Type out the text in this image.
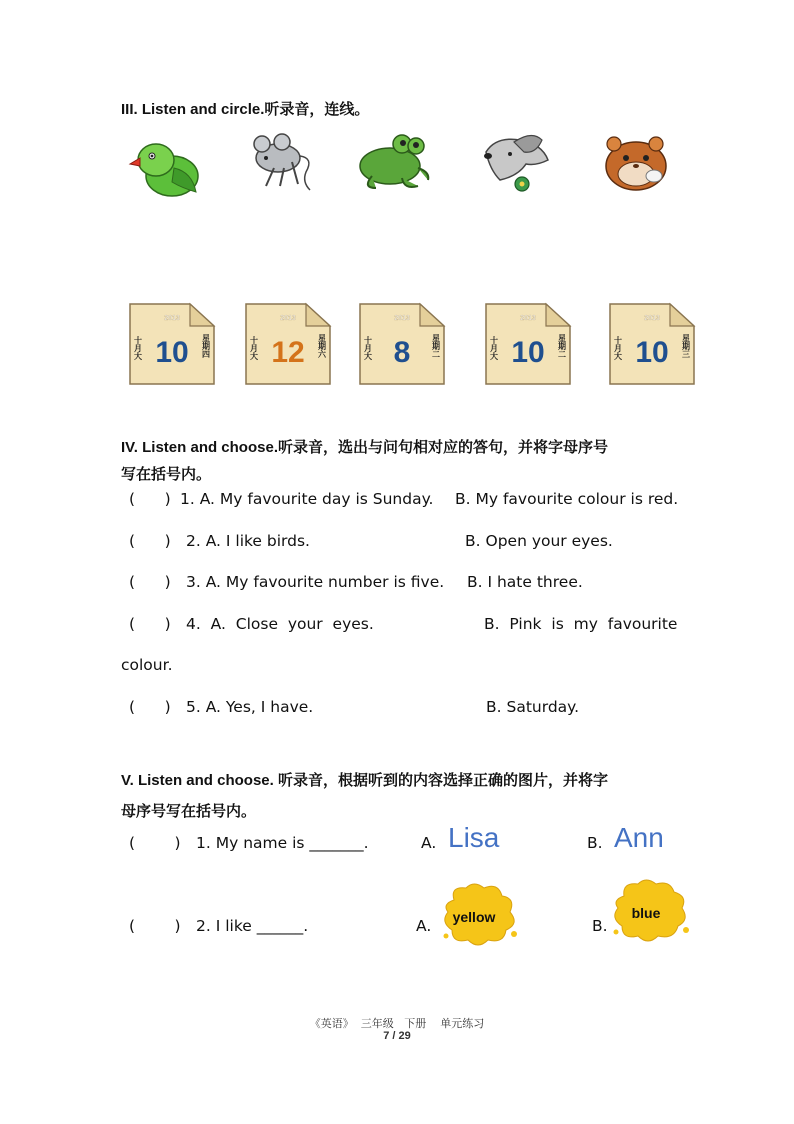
III. Listen and circle.听录音，连线。
2013
十月大 10 星期四
2013
十月大 12 星期六
2013
十月大 8	星期二
2013
十月大 10 星期二
2013
十月大 10 星期三
IV. Listen and choose.听录音，选出与问句相对应的答句，并将字母序号
写在括号内。
(      ) 1. A. My favourite day is Sunday. B. My favourite colour is red.
(      ) 2. A. I like birds.	B. Open your eyes.
(      ) 3. A. My favourite number is five. B. I hate three.
(      ) 4.  A.  Close  your  eyes.	B.  Pink  is  my  favourite
colour.
(      ) 5. A. Yes, I have.	B. Saturday.
V. Listen and choose. 听录音，根据听到的内容选择正确的图片，并将字
母序号写在括号内。
(        ) 1. My name is _______.	A. Lisa	B. Ann
(        ) 2. I like ______.	A. yellow	B.
blue
《英语》  三年级   下册    单元练习
7 / 29
